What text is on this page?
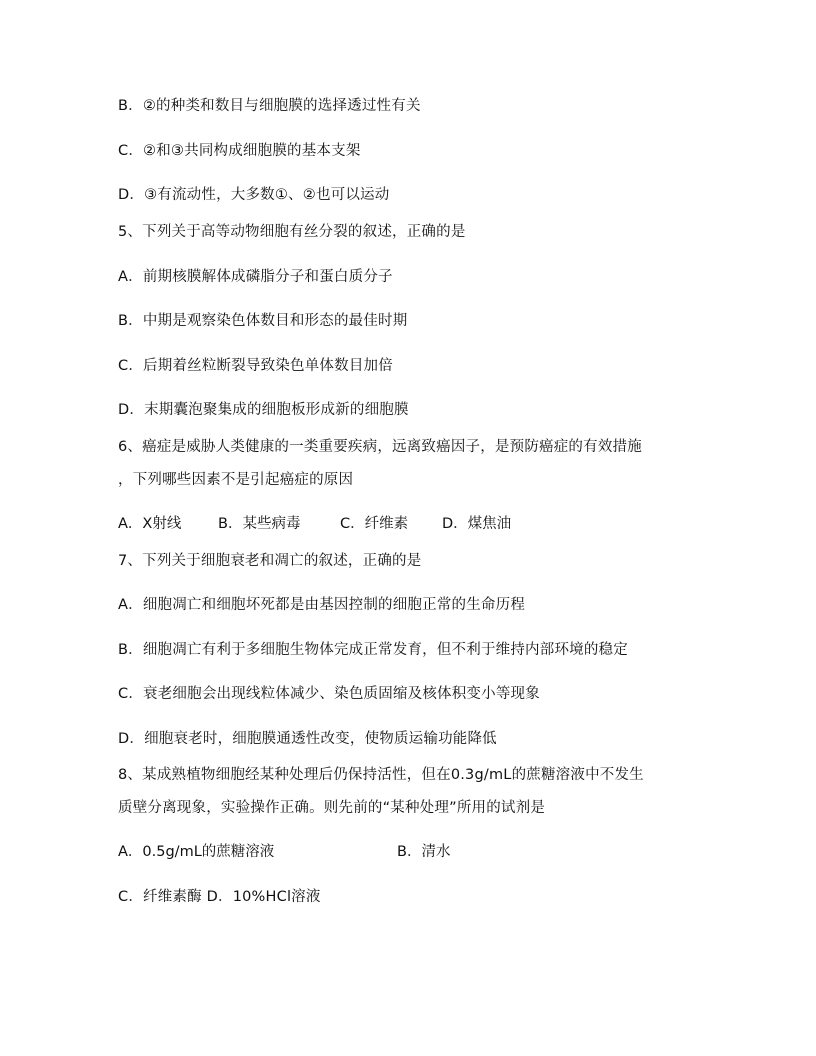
B．②的种类和数目与细胞膜的选择透过性有关
C．②和③共同构成细胞膜的基本支架
D．③有流动性，大多数①、②也可以运动
5、下列关于高等动物细胞有丝分裂的叙述，正确的是
A．前期核膜解体成磷脂分子和蛋白质分子
B．中期是观察染色体数目和形态的最佳时期
C．后期着丝粒断裂导致染色单体数目加倍
D．末期囊泡聚集成的细胞板形成新的细胞膜
6、癌症是威胁人类健康的一类重要疾病，远离致癌因子，是预防癌症的有效措施
，下列哪些因素不是引起癌症的原因
A．X射线	B．某些病毒	C．纤维素 D．煤焦油
7、下列关于细胞衰老和凋亡的叙述，正确的是
A．细胞凋亡和细胞坏死都是由基因控制的细胞正常的生命历程
B．细胞凋亡有利于多细胞生物体完成正常发育，但不利于维持内部环境的稳定
C．衰老细胞会出现线粒体减少、染色质固缩及核体积变小等现象
D．细胞衰老时，细胞膜通透性改变，使物质运输功能降低
8、某成熟植物细胞经某种处理后仍保持活性，但在0.3g/mL的蔗糖溶液中不发生
质壁分离现象，实验操作正确。则先前的“某种处理”所用的试剂是
A．0.5g/mL的蔗糖溶液	B．清水
C．纤维素酶 D．10%HCl溶液
